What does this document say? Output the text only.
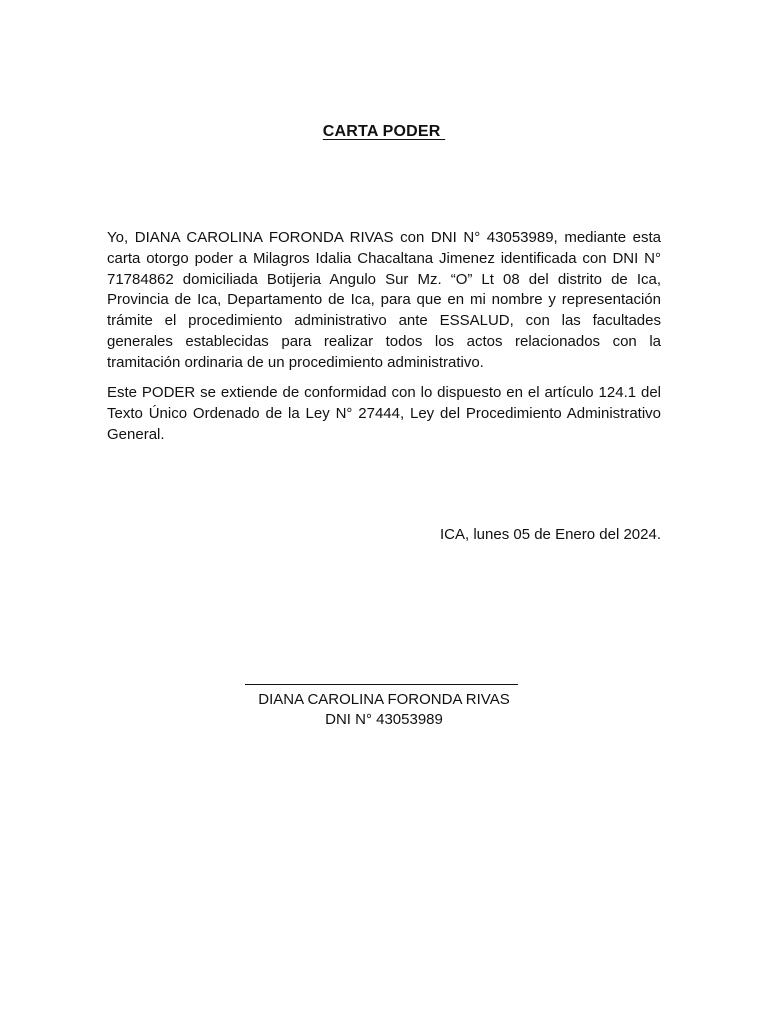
CARTA PODER

Yo, DIANA CAROLINA FORONDA RIVAS con DNI N° 43053989, mediante esta carta otorgo poder a Milagros Idalia Chacaltana Jimenez identificada con DNI N° 71784862 domiciliada Botijeria Angulo Sur Mz. “O” Lt 08 del distrito de Ica, Provincia de Ica, Departamento de Ica, para que en mi nombre y representación trámite el procedimiento administrativo ante ESSALUD, con las facultades generales establecidas para realizar todos los actos relacionados con la tramitación ordinaria de un procedimiento administrativo.

Este PODER se extiende de conformidad con lo dispuesto en el artículo 124.1 del Texto Único Ordenado de la Ley N° 27444, Ley del Procedimiento Administrativo General.

ICA, lunes 05 de Enero del 2024.
DIANA CAROLINA FORONDA RIVAS
DNI N° 43053989
